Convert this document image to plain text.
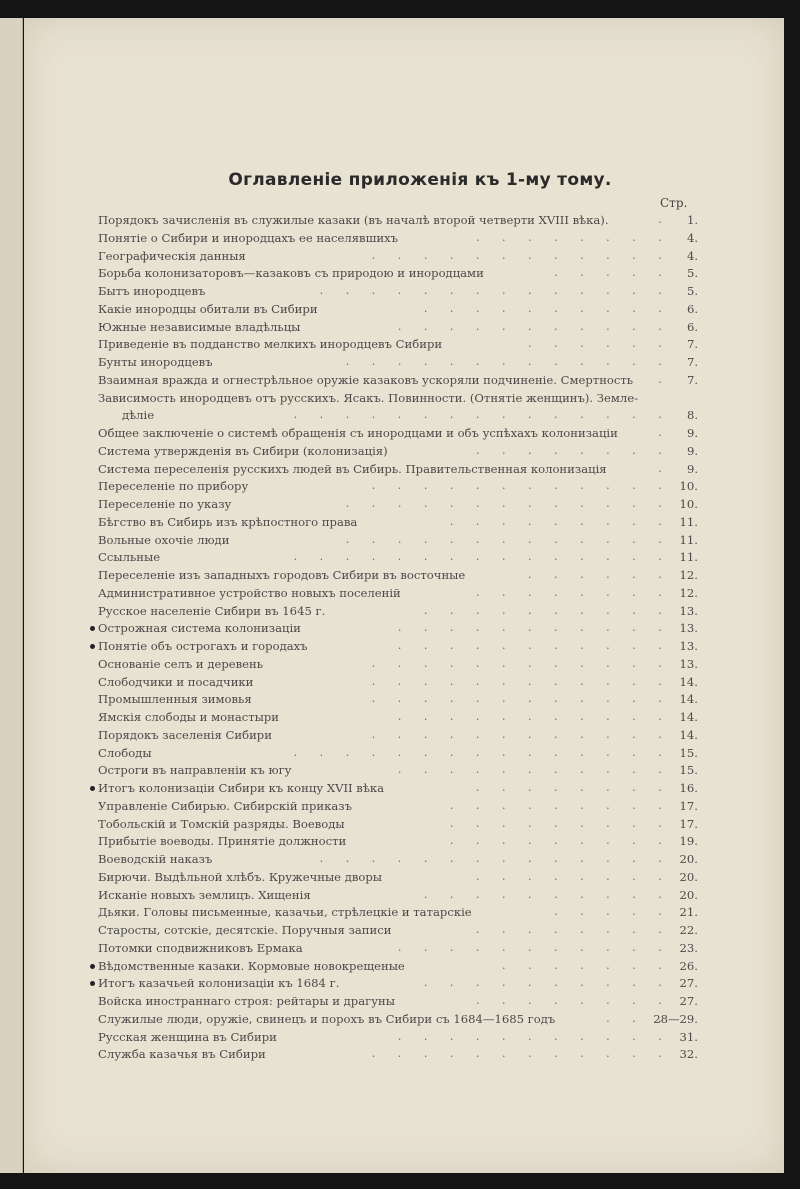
Оглавленіе приложенія къ 1-му тому.
Стр.
Порядокъ зачисленія въ служилые казаки (въ началѣ второй четверти XVIII вѣка).	1.
.
Понятіе о Сибири и инородцахъ ее населявшихъ	4.
. . . . . . . .
Географическія данныя	4.
. . . . . . . . . . . .
Борьба колонизаторовъ—казаковъ съ природою и инородцами	5.
. . . . .
Бытъ инородцевъ	5.
. . . . . . . . . . . . . .
Какіе инородцы обитали въ Сибири	6.
. . . . . . . . . .
Южные независимые владѣльцы	6.
. . . . . . . . . . .
Приведеніе въ подданство мелкихъ инородцевъ Сибири	7.
. . . . . .
Бунты инородцевъ	7.
. . . . . . . . . . . . .
Взаимная вражда и огнестрѣльное оружіе казаковъ ускоряли подчиненіе. Смертность	7.
.
Зависимость инородцевъ отъ русскихъ. Ясакъ. Повинности. (Отнятіе женщинъ). Земле-
дѣліе	8.
. . . . . . . . . . . . . . .
Общее заключеніе о системѣ обращенія съ инородцами и объ успѣхахъ колонизаціи	9.
.
Система утвержденія въ Сибири (колонизація)	9.
. . . . . . . .
Система переселенія русскихъ людей въ Сибирь. Правительственная колонизація	9.
.
Переселеніе по прибору	10.
. . . . . . . . . . . .
Переселеніе по указу	10.
. . . . . . . . . . . . .
Бѣгство въ Сибирь изъ крѣпостного права	11.
. . . . . . . . .
Вольные охочіе люди	11.
. . . . . . . . . . . . .
Ссыльные	11.
. . . . . . . . . . . . . . .
Переселеніе изъ западныхъ городовъ Сибири въ восточные	12.
. . . . . .
Административное устройство новыхъ поселеній	12.
. . . . . . . .
Русское населеніе Сибири въ 1645 г.	13.
. . . . . . . . . .
Острожная система колонизаціи	13.
. . . . . . . . . . .
Понятіе объ острогахъ и городахъ	13.
. . . . . . . . . . .
Основаніе селъ и деревень	13.
. . . . . . . . . . . .
Слободчики и посадчики	14.
. . . . . . . . . . . .
Промышленныя зимовья	14.
. . . . . . . . . . . .
Ямскія слободы и монастыри	14.
. . . . . . . . . . .
Порядокъ заселенія Сибири	14.
. . . . . . . . . . . .
Слободы	15.
. . . . . . . . . . . . . . .
Остроги въ направленіи къ югу	15.
. . . . . . . . . . .
Итогъ колонизаціи Сибири къ концу XVII вѣка	16.
. . . . . . . .
Управленіе Сибирью. Сибирскій приказъ	17.
. . . . . . . . .
Тобольскій и Томскій разряды. Воеводы	17.
. . . . . . . . .
Прибытіе воеводы. Принятіе должности	19.
. . . . . . . . .
Воеводскій наказъ	20.
. . . . . . . . . . . . . .
Бирючи. Выдѣльной хлѣбъ. Кружечные дворы	20.
. . . . . . . .
Исканіе новыхъ землицъ. Хищенія	20.
. . . . . . . . . .
Дьяки. Головы письменные, казачьи, стрѣлецкіе и татарскіе	21.
. . . . .
Старосты, сотскіе, десятскіе. Поручныя записи	22.
. . . . . . . .
Потомки сподвижниковъ Ермака	23.
. . . . . . . . . . .
Вѣдомственные казаки. Кормовые новокрещеные	26.
. . . . . . .
Итогъ казачьей колонизаціи къ 1684 г.	27.
. . . . . . . . . .
Войска иностраннаго строя: рейтары и драгуны	27.
. . . . . . . .
Служилые люди, оружіе, свинецъ и порохъ въ Сибири съ 1684—1685 годъ	28—29.
. . .
Русская женщина въ Сибири	31.
. . . . . . . . . . .
Служба казачья въ Сибири	32.
. . . . . . . . . . . .
